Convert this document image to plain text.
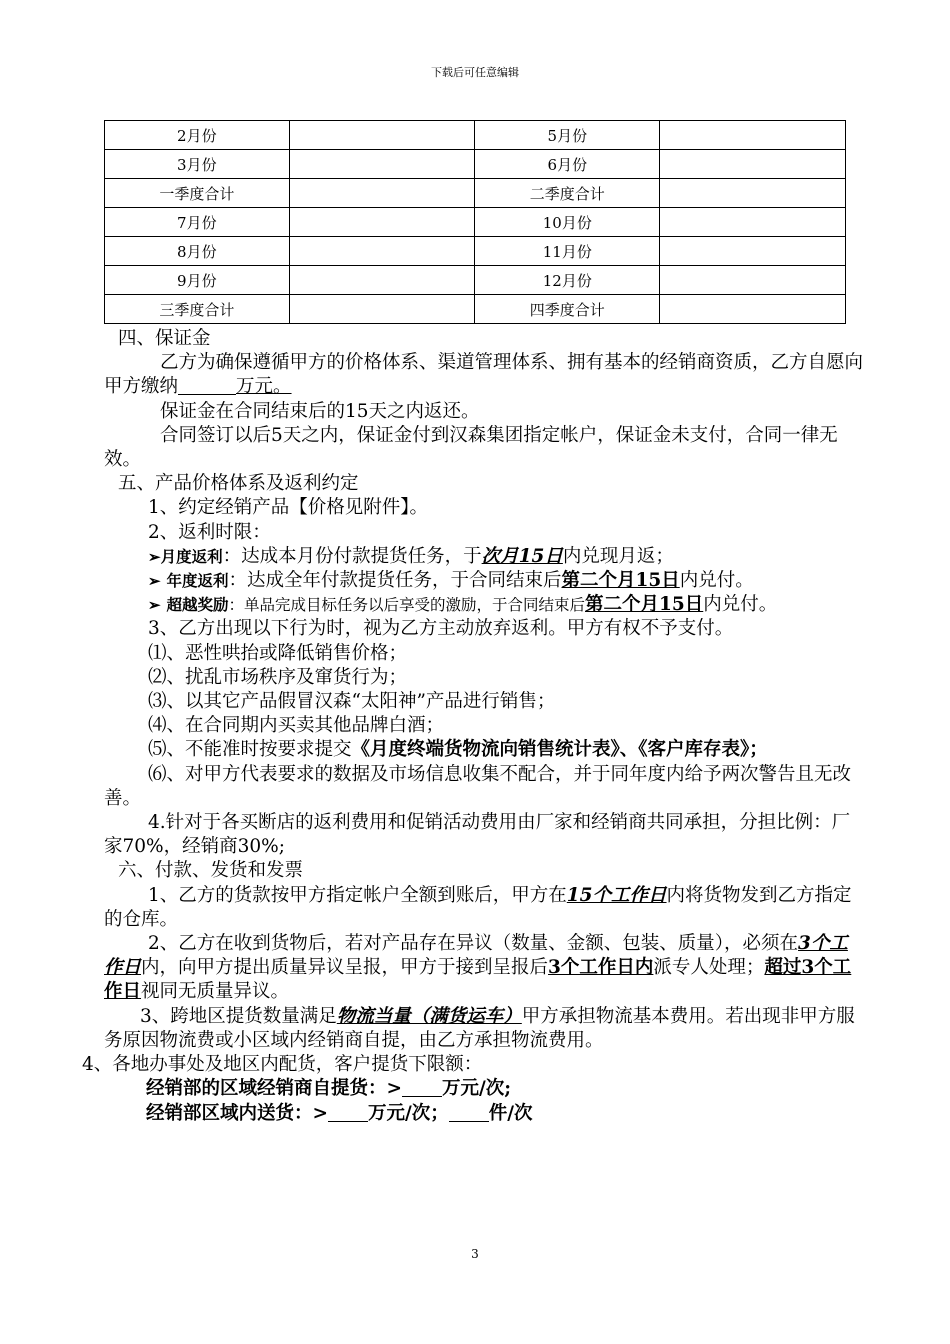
下载后可任意编辑
2月份		5月份	
3月份		6月份	
一季度合计		二季度合计	
7月份		10月份	
8月份		11月份	
9月份		12月份	
三季度合计		四季度合计	

四、保证金

乙方为确保遵循甲方的价格体系、渠道管理体系、拥有基本的经销商资质，乙方自愿向甲方缴纳	万元。

保证金在合同结束后的15天之内返还。

合同签订以后5天之内，保证金付到汉森集团指定帐户，保证金未支付，合同一律无效。

五、产品价格体系及返利约定

1、约定经销产品【价格见附件】。

2、返利时限：

➢月度返利：达成本月份付款提货任务，于次月15日内兑现月返；

➢ 年度返利：达成全年付款提货任务，于合同结束后第二个月15日内兑付。

➢ 超越奖励：单品完成目标任务以后享受的激励，于合同结束后第二个月15日内兑付。

3、乙方出现以下行为时，视为乙方主动放弃返利。甲方有权不予支付。

⑴、恶性哄抬或降低销售价格；

⑵、扰乱市场秩序及窜货行为；

⑶、以其它产品假冒汉森“太阳神”产品进行销售；

⑷、在合同期内买卖其他品牌白酒；

⑸、不能准时按要求提交《月度终端货物流向销售统计表》、《客户库存表》；

⑹、对甲方代表要求的数据及市场信息收集不配合，并于同年度内给予两次警告且无改善。

4.针对于各买断店的返利费用和促销活动费用由厂家和经销商共同承担，分担比例：厂家70%，经销商30%;

六、付款、发货和发票

1、乙方的货款按甲方指定帐户全额到账后，甲方在15个工作日内将货物发到乙方指定的仓库。

2、乙方在收到货物后，若对产品存在异议（数量、金额、包装、质量），必须在3个工作日内，向甲方提出质量异议呈报，甲方于接到呈报后3个工作日内派专人处理；超过3个工作日视同无质量异议。

3、跨地区提货数量满足物流当量（满货运车）甲方承担物流基本费用。若出现非甲方服务原因物流费或小区域内经销商自提，由乙方承担物流费用。

4、各地办事处及地区内配货，客户提货下限额：

经销部的区域经销商自提货：> 万元/次;

经销部区域内送货：> 万元/次； 件/次

3
